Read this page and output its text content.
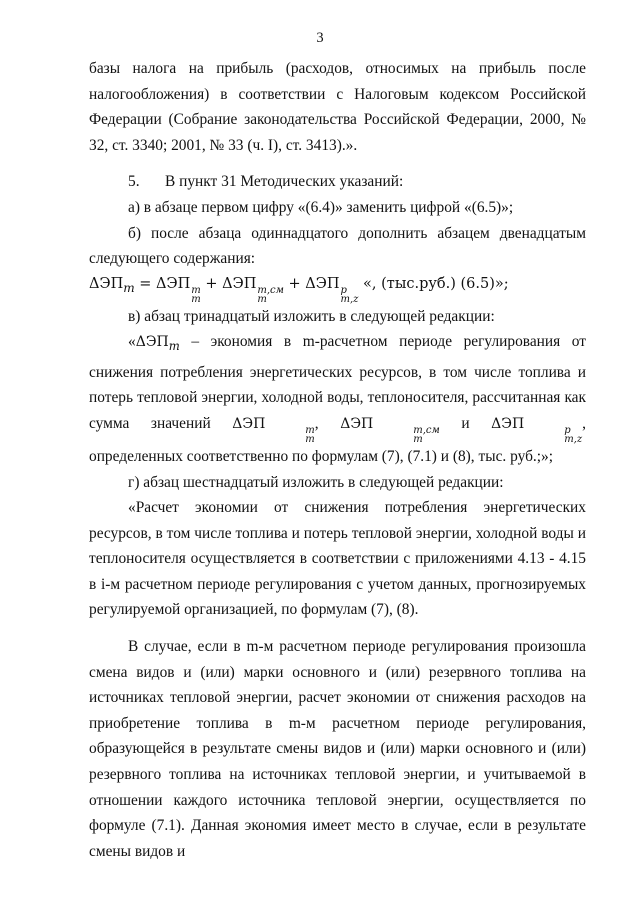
3

базы налога на прибыль (расходов, относимых на прибыль после налогообложения) в соответствии с Налоговым кодексом Российской Федерации (Собрание законодательства Российской Федерации, 2000, № 32, ст. 3340; 2001, № 33 (ч. I), ст. 3413).».

5. В пункт 31 Методических указаний:

а) в абзаце первом цифру «(6.4)» заменить цифрой «(6.5)»;

б) после абзаца одиннадцатого дополнить абзацем двенадцатым следующего содержания:

$\Delta ЭП_m = \Delta ЭП$ m
m
+ ΔЭП т,см
m
+ ΔЭП p
m,z
«, (тыс.руб.) (6.5)»;

в) абзац тринадцатый изложить в следующей редакции:

«$\Delta ЭП_m$ – экономия в m-расчетном периоде регулирования от снижения потребления энергетических ресурсов, в том числе топлива и потерь тепловой энергии, холодной воды, теплоносителя, рассчитанная как сумма значений ΔЭП	m
m
, ΔЭП	т,см
m
и ΔЭП	p
m,z
, определенных соответственно по формулам (7), (7.1) и (8), тыс. руб.;»;

г) абзац шестнадцатый изложить в следующей редакции:

«Расчет экономии от снижения потребления энергетических ресурсов, в том числе топлива и потерь тепловой энергии, холодной воды и теплоносителя осуществляется в соответствии с приложениями 4.13 - 4.15 в i-м расчетном периоде регулирования с учетом данных, прогнозируемых регулируемой организацией, по формулам (7), (8).

В случае, если в m-м расчетном периоде регулирования произошла смена видов и (или) марки основного и (или) резервного топлива на источниках тепловой энергии, расчет экономии от снижения расходов на приобретение топлива в m-м расчетном периоде регулирования, образующейся в результате смены видов и (или) марки основного и (или) резервного топлива на источниках тепловой энергии, и учитываемой в отношении каждого источника тепловой энергии, осуществляется по формуле (7.1). Данная экономия имеет место в случае, если в результате смены видов и
